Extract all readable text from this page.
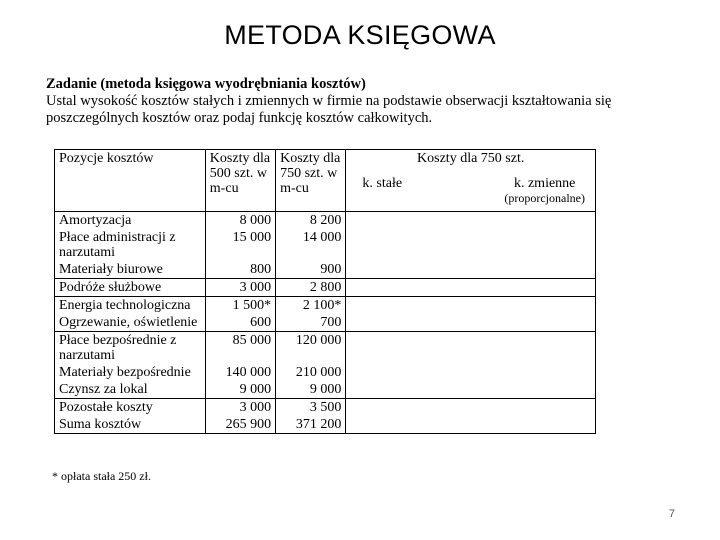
METODA KSIĘGOWA
Zadanie (metoda księgowa wyodrębniania kosztów)
Ustal wysokość kosztów stałych i zmiennych w firmie na podstawie obserwacji kształtowania się poszczególnych kosztów oraz podaj funkcję kosztów całkowitych.
Pozycje kosztów	Koszty dla 500 szt. w m-cu	Koszty dla 750 szt. w m-cu	Koszty dla 750 szt.
k. stałe k. zmienne
(proporcjonalne)

Amortyzacja	8 000	8 200	
Płace administracji z narzutami	15 000	14 000	
Materiały biurowe	800	900	
Podróże służbowe	3 000	2 800	
Energia technologiczna	1 500*	2 100*	
Ogrzewanie, oświetlenie	600	700	
Płace bezpośrednie z narzutami	85 000	120 000	
Materiały bezpośrednie	140 000	210 000	
Czynsz za lokal	9 000	9 000	
Pozostałe koszty	3 000	3 500	
Suma kosztów	265 900	371 200	
* opłata stała 250 zł.
7
